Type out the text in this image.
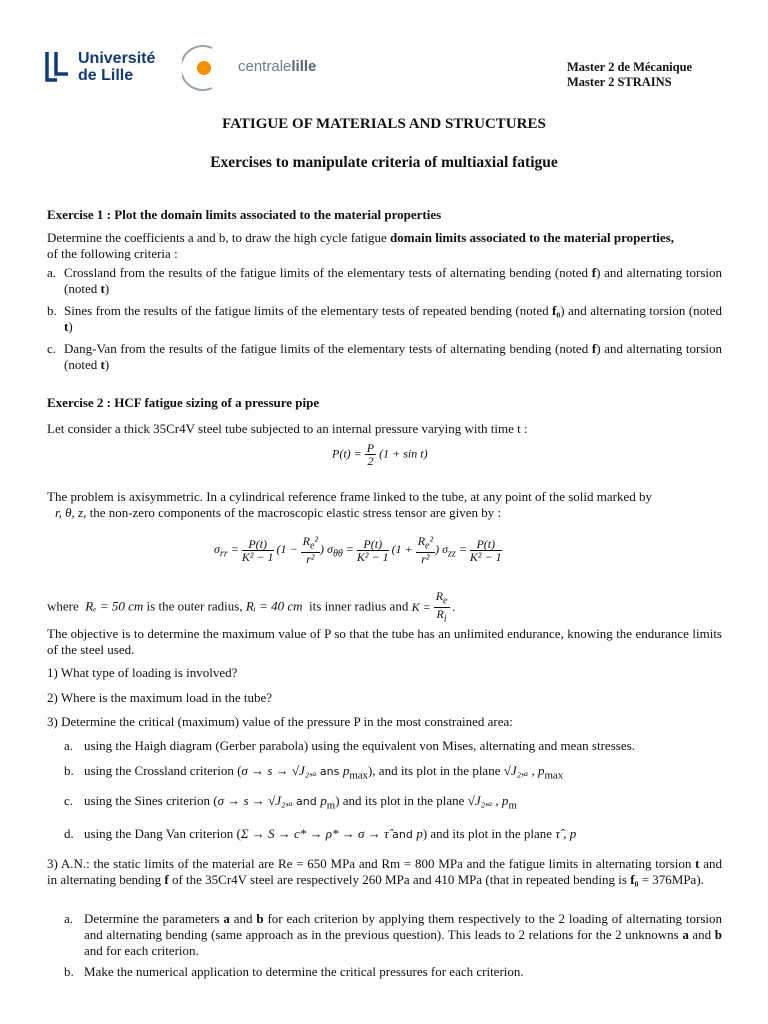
Université
de Lille
centralelille	Master 2 de Mécanique
Master 2 STRAINS
FATIGUE OF MATERIALS AND STRUCTURES
Exercises to manipulate criteria of multiaxial fatigue
Exercise 1 : Plot the domain limits associated to the material properties
Determine the coefficients a and b, to draw the high cycle fatigue domain limits associated to the material properties,
of the following criteria :
a. Crossland from the results of the fatigue limits of the elementary tests of alternating bending (noted f) and alternating torsion (noted t)
b. Sines from the results of the fatigue limits of the elementary tests of repeated bending (noted f₀) and alternating torsion (noted t)
c. Dang-Van from the results of the fatigue limits of the elementary tests of alternating bending (noted f) and alternating torsion (noted t)
Exercise 2 : HCF fatigue sizing of a pressure pipe
Let consider a thick 35Cr4V steel tube subjected to an internal pressure varying with time t :
$P(t) = \frac{P}{2} (1 + \sin t)$
The problem is axisymmetric. In a cylindrical reference frame linked to the tube, at any point of the solid marked by
r, θ, z, the non-zero components of the macroscopic elastic stress tensor are given by :
$\sigma_{rr} = \frac{P(t)}{\text{K² − 1}} (1 - \frac{R_e^2}{\text{r²}}$ ) $\sigma_{\theta\theta} = \frac{P(t)}{\text{K² − 1}} (1 + \frac{R_e^2}{\text{r²}}$ ) $\sigma_{zz} = \frac{P(t)}{\text{K² − 1}}$
where Rₑ = 50 cm is the outer radius, Rᵢ = 40 cm its inner radius and $K = \frac{R_e}{R_i}$ .
The objective is to determine the maximum value of P so that the tube has an unlimited endurance, knowing the endurance limits of the steel used.
1) What type of loading is involved?
2) Where is the maximum load in the tube?
3) Determine the critical (maximum) value of the pressure P in the most constrained area:
a. using the Haigh diagram (Gerber parabola) using the equivalent von Mises, alternating and mean stresses.
b. using the Crossland criterion (σ → s → √J₂,ₐ ans $p_{max}$), and its plot in the plane √J₂,ₐ , $p_{max}$
c. using the Sines criterion (σ → s → √J₂,ₐ and $p_m$) and its plot in the plane √J₂,ₐ , $p_m$
d. using the Dang Van criterion (Σ → S → c* → ρ* → σ → τ̂ and p) and its plot in the plane τ̂ , p
3) A.N.: the static limits of the material are Re = 650 MPa and Rm = 800 MPa and the fatigue limits in alternating torsion t and in alternating bending f of the 35Cr4V steel are respectively 260 MPa and 410 MPa (that in repeated bending is f₀ = 376MPa).
a. Determine the parameters a and b for each criterion by applying them respectively to the 2 loading of alternating torsion and alternating bending (same approach as in the previous question). This leads to 2 relations for the 2 unknowns a and b and for each criterion.
b. Make the numerical application to determine the critical pressures for each criterion.
